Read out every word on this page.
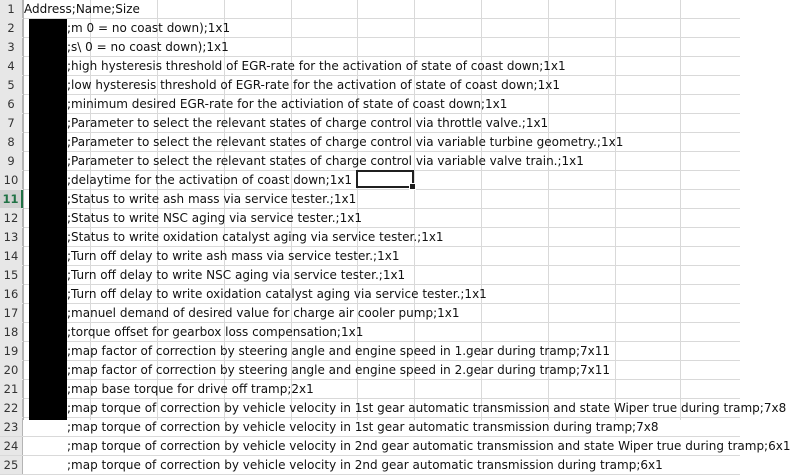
1 Address;Name;Size
2	;m 0 = no coast down);1x1
3	;s\ 0 = no coast down);1x1
4	;high hysteresis threshold of EGR-rate for the activation of state of coast down;1x1
5	;low hysteresis threshold of EGR-rate for the activation of state of coast down;1x1
6	;minimum desired EGR-rate for the activiation of state of coast down;1x1
7	;Parameter to select the relevant states of charge control via throttle valve.;1x1
8	;Parameter to select the relevant states of charge control via variable turbine geometry.;1x1
9	;Parameter to select the relevant states of charge control via variable valve train.;1x1
10	;delaytime for the activation of coast down;1x1
11	;Status to write ash mass via service tester.;1x1
12	;Status to write NSC aging via service tester.;1x1
13	;Status to write oxidation catalyst aging via service tester.;1x1
14	;Turn off delay to write ash mass via service tester.;1x1
15	;Turn off delay to write NSC aging via service tester.;1x1
16	;Turn off delay to write oxidation catalyst aging via service tester.;1x1
17	;manuel demand of desired value for charge air cooler pump;1x1
18	;torque offset for gearbox loss compensation;1x1
19	;map factor of correction by steering angle and engine speed in 1.gear during tramp;7x11
20	;map factor of correction by steering angle and engine speed in 2.gear during tramp;7x11
21	;map base torque for drive off tramp;2x1
22	;map torque of correction by vehicle velocity in 1st gear automatic transmission and state Wiper true during tramp;7x8
23	;map torque of correction by vehicle velocity in 1st gear automatic transmission during tramp;7x8
24	;map torque of correction by vehicle velocity in 2nd gear automatic transmission and state Wiper true during tramp;6x1
25	;map torque of correction by vehicle velocity in 2nd gear automatic transmission during tramp;6x1
